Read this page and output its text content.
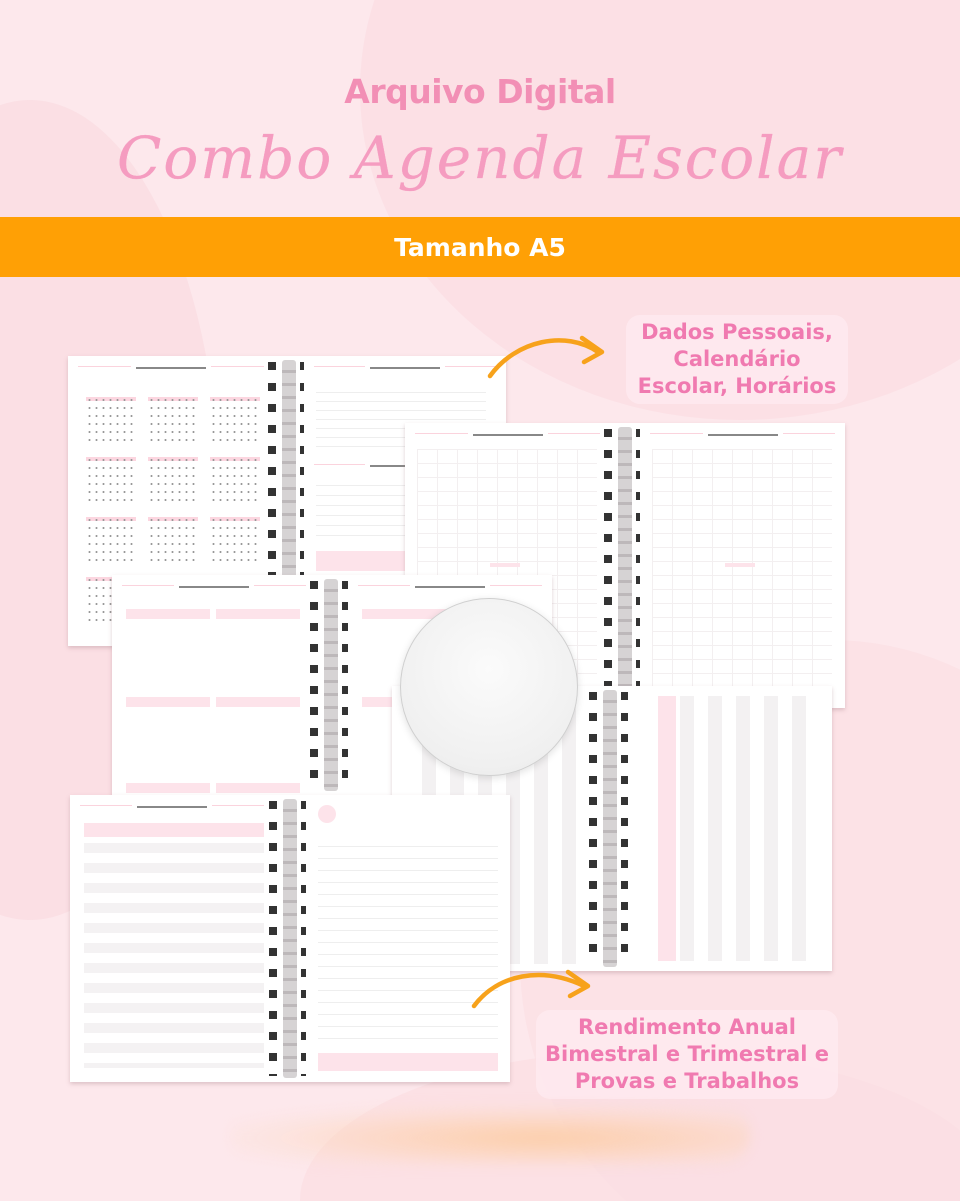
Arquivo Digital
Combo Agenda Escolar
Tamanho A5
Dados Pessoais,
Calendário
Escolar, Horários
Rendimento Anual
Bimestral e Trimestral e
Provas e Trabalhos
